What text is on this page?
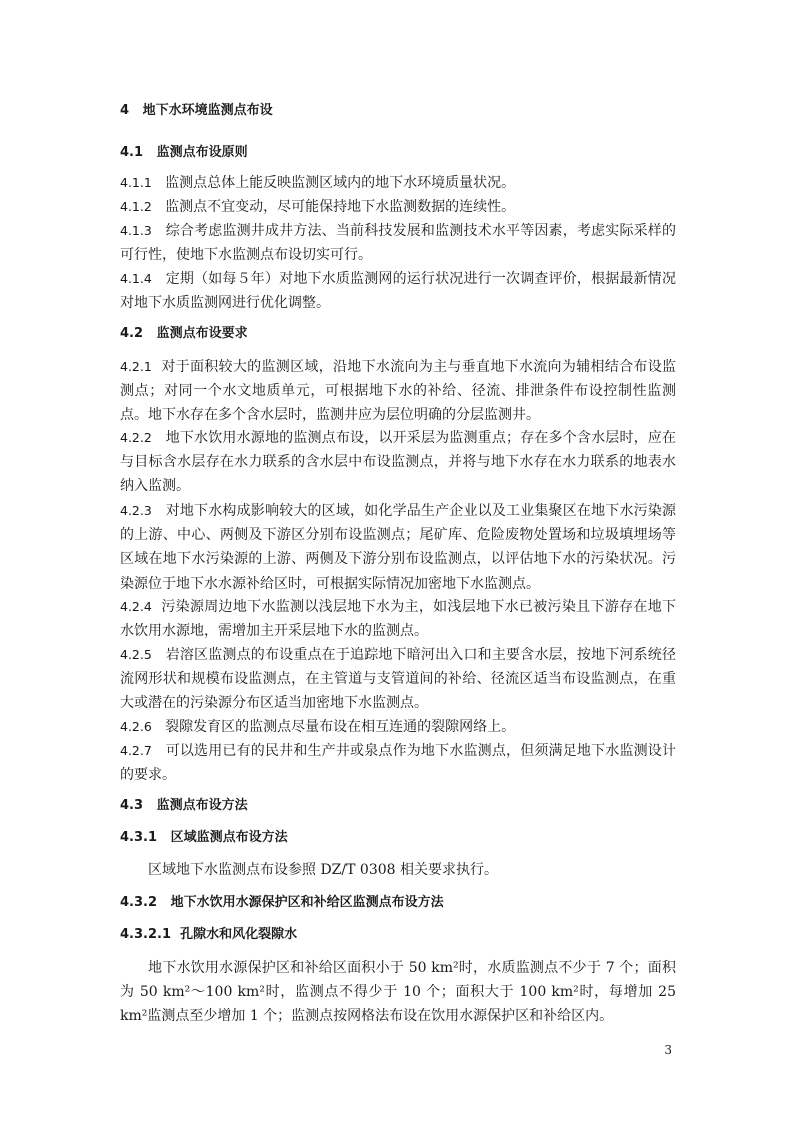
4 地下水环境监测点布设
4.1 监测点布设原则

4.1.1 监测点总体上能反映监测区域内的地下水环境质量状况。

4.1.2 监测点不宜变动，尽可能保持地下水监测数据的连续性。

4.1.3 综合考虑监测井成井方法、当前科技发展和监测技术水平等因素，考虑实际采样的可行性，使地下水监测点布设切实可行。

4.1.4 定期（如每５年）对地下水质监测网的运行状况进行一次调查评价，根据最新情况对地下水质监测网进行优化调整。

4.2 监测点布设要求

4.2.1 对于面积较大的监测区域，沿地下水流向为主与垂直地下水流向为辅相结合布设监测点；对同一个水文地质单元，可根据地下水的补给、径流、排泄条件布设控制性监测点。地下水存在多个含水层时，监测井应为层位明确的分层监测井。

4.2.2 地下水饮用水源地的监测点布设，以开采层为监测重点；存在多个含水层时，应在与目标含水层存在水力联系的含水层中布设监测点，并将与地下水存在水力联系的地表水纳入监测。

4.2.3 对地下水构成影响较大的区域，如化学品生产企业以及工业集聚区在地下水污染源的上游、中心、两侧及下游区分别布设监测点；尾矿库、危险废物处置场和垃圾填埋场等区域在地下水污染源的上游、两侧及下游分别布设监测点，以评估地下水的污染状况。污染源位于地下水水源补给区时，可根据实际情况加密地下水监测点。

4.2.4 污染源周边地下水监测以浅层地下水为主，如浅层地下水已被污染且下游存在地下水饮用水源地，需增加主开采层地下水的监测点。

4.2.5 岩溶区监测点的布设重点在于追踪地下暗河出入口和主要含水层，按地下河系统径流网形状和规模布设监测点，在主管道与支管道间的补给、径流区适当布设监测点，在重大或潜在的污染源分布区适当加密地下水监测点。

4.2.6 裂隙发育区的监测点尽量布设在相互连通的裂隙网络上。

4.2.7 可以选用已有的民井和生产井或泉点作为地下水监测点，但须满足地下水监测设计的要求。

4.3 监测点布设方法
4.3.1 区域监测点布设方法

区域地下水监测点布设参照 DZ/T 0308 相关要求执行。

4.3.2 地下水饮用水源保护区和补给区监测点布设方法
4.3.2.1 孔隙水和风化裂隙水

地下水饮用水源保护区和补给区面积小于 50 km²时，水质监测点不少于 7 个；面积为 50 km²～100 km²时，监测点不得少于 10 个；面积大于 100 km²时，每增加 25 km²监测点至少增加 1 个；监测点按网格法布设在饮用水源保护区和补给区内。

3
